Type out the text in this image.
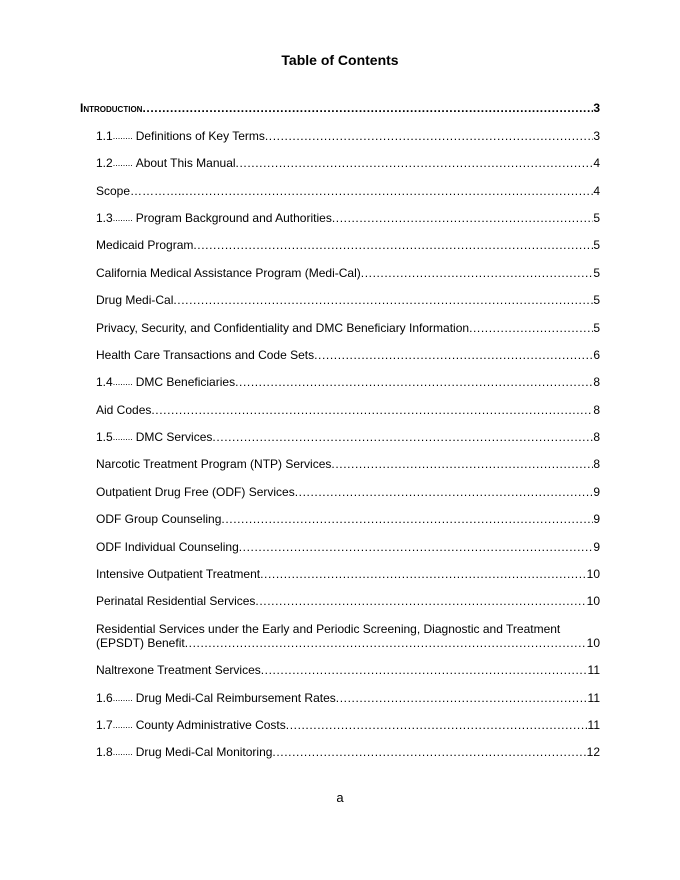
Table of Contents
Introduction .....	3
1.1 ........ Definitions of Key Terms .....	3
1.2 ........ About This Manual .....	4
Scope…………. .....	4
1.3 ........ Program Background and Authorities .....	5
Medicaid Program .....	5
California Medical Assistance Program (Medi-Cal) .....	5
Drug Medi-Cal .....	5
Privacy, Security, and Confidentiality and DMC Beneficiary Information .....	5
Health Care Transactions and Code Sets .....	6
1.4 ........ DMC Beneficiaries .....	8
Aid Codes .....	8
1.5 ........ DMC Services .....	8
Narcotic Treatment Program (NTP) Services .....	8
Outpatient Drug Free (ODF) Services .....	9
ODF Group Counseling .....	9
ODF Individual Counseling .....	9
Intensive Outpatient Treatment .....	10
Perinatal Residential Services .....	10
Residential Services under the Early and Periodic Screening, Diagnostic and Treatment
(EPSDT) Benefit .....	10
Naltrexone Treatment Services .....	11
1.6 ........ Drug Medi-Cal Reimbursement Rates .....	11
1.7 ........ County Administrative Costs .....	11
1.8 ........ Drug Medi-Cal Monitoring .....	12
a
